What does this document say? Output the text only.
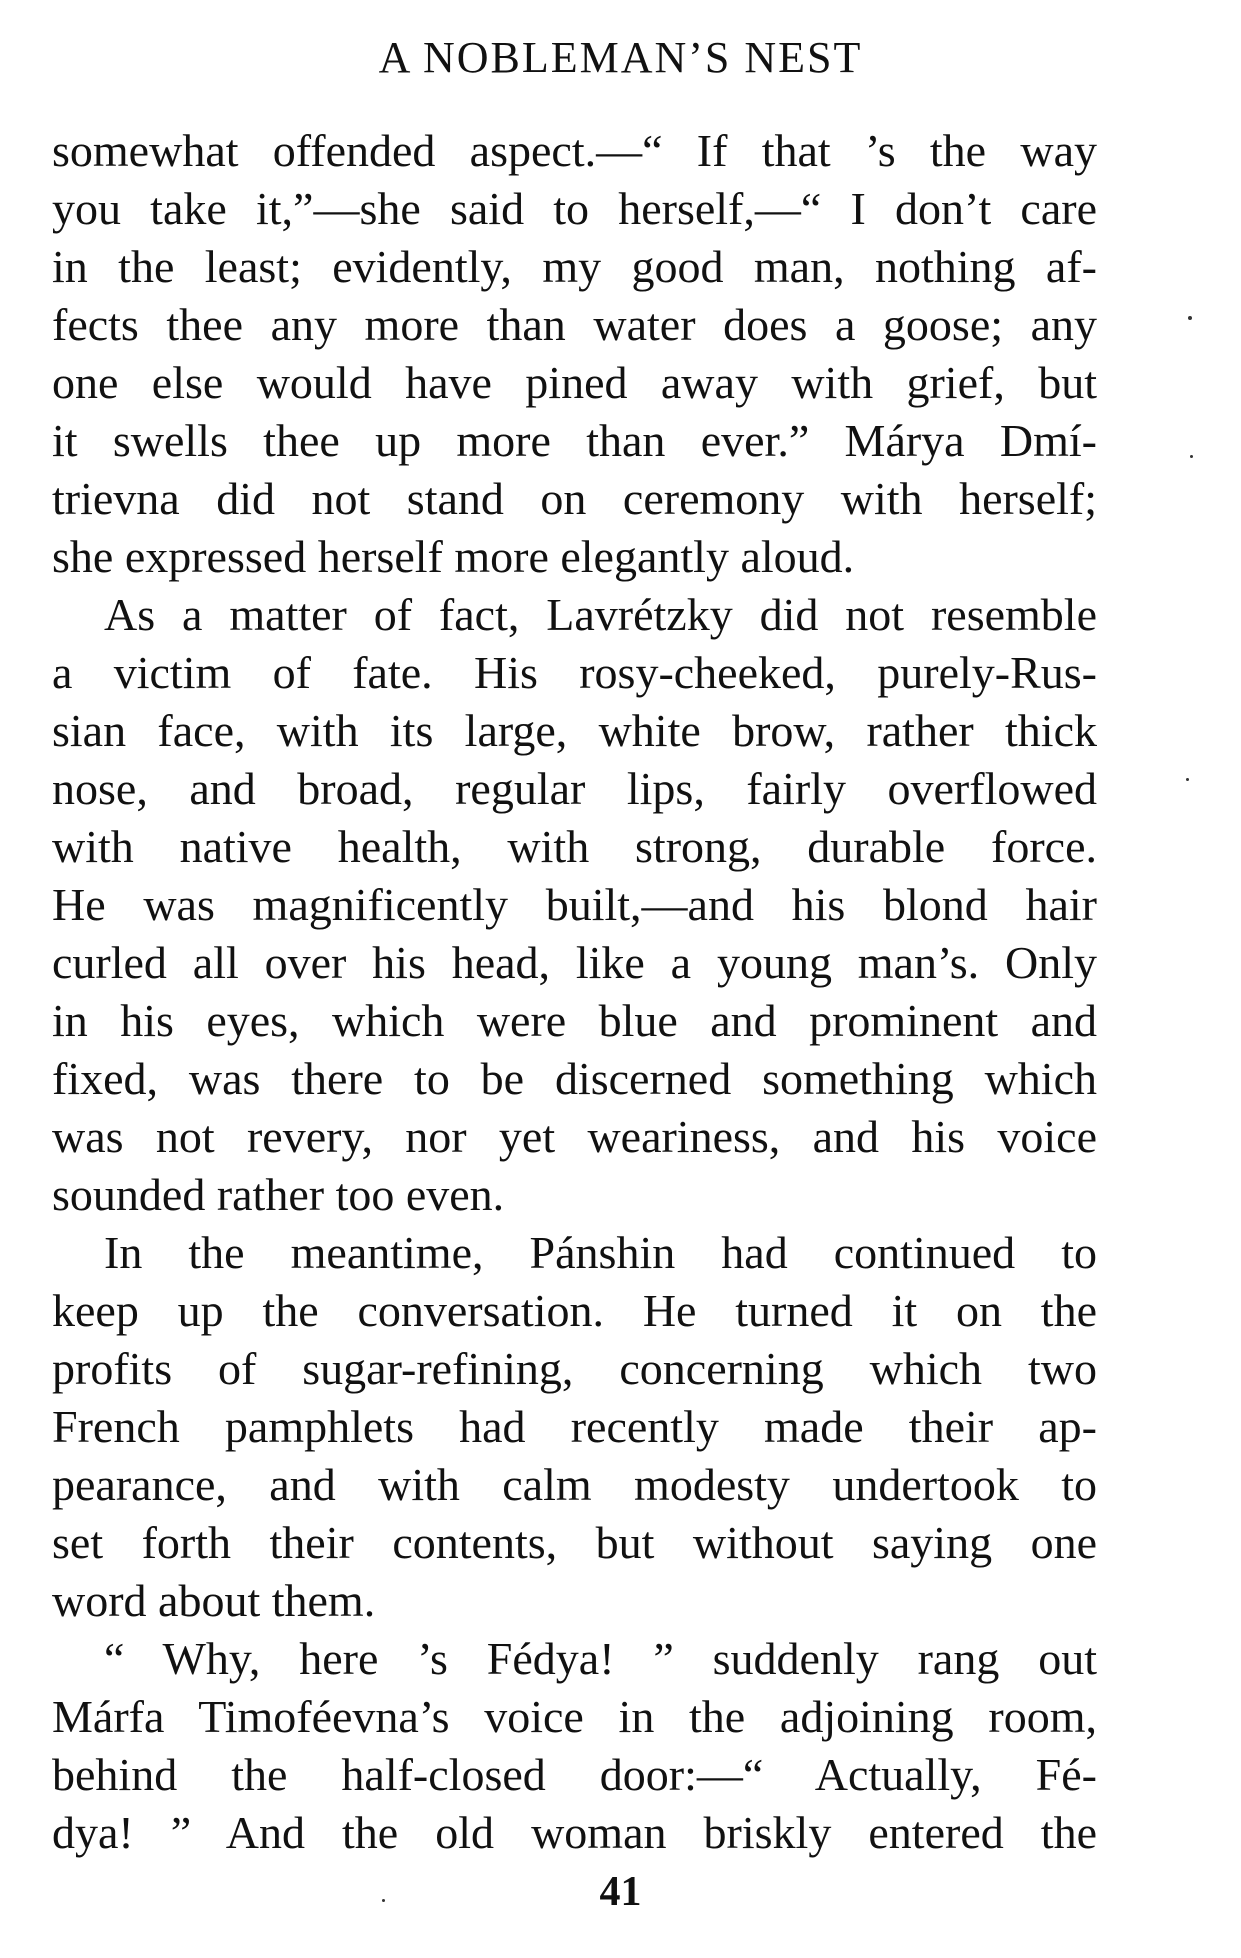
A NOBLEMAN’S NEST
somewhat offended aspect.—“ If that ’s the way
you take it,”—she said to herself,—“ I don’t care
in the least; evidently, my good man, nothing af-
fects thee any more than water does a goose; any
one else would have pined away with grief, but
it swells thee up more than ever.” Márya Dmí-
trievna did not stand on ceremony with herself;
she expressed herself more elegantly aloud.
As a matter of fact, Lavrétzky did not resemble
a victim of fate. His rosy-cheeked, purely-Rus-
sian face, with its large, white brow, rather thick
nose, and broad, regular lips, fairly overflowed
with native health, with strong, durable force.
He was magnificently built,—and his blond hair
curled all over his head, like a young man’s. Only
in his eyes, which were blue and prominent and
fixed, was there to be discerned something which
was not revery, nor yet weariness, and his voice
sounded rather too even.
In the meantime, Pánshin had continued to
keep up the conversation. He turned it on the
profits of sugar-refining, concerning which two
French pamphlets had recently made their ap-
pearance, and with calm modesty undertook to
set forth their contents, but without saying one
word about them.
“ Why, here ’s Fédya! ” suddenly rang out
Márfa Timoféevna’s voice in the adjoining room,
behind the half-closed door:—“ Actually, Fé-
dya! ” And the old woman briskly entered the
41
